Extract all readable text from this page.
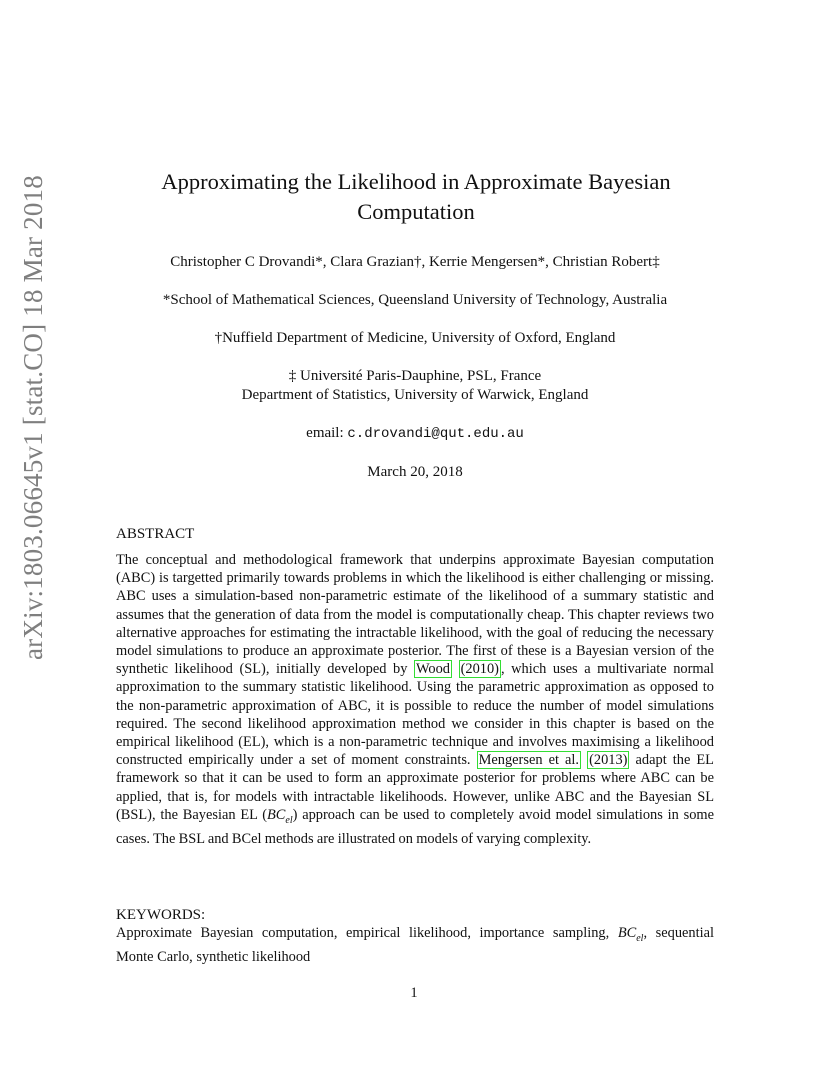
arXiv:1803.06645v1 [stat.CO] 18 Mar 2018	Approximating the Likelihood in Approximate Bayesian Computation
Christopher C Drovandi*, Clara Grazian†, Kerrie Mengersen*, Christian Robert‡
*School of Mathematical Sciences, Queensland University of Technology, Australia
†Nuffield Department of Medicine, University of Oxford, England
‡ Université Paris-Dauphine, PSL, France
Department of Statistics, University of Warwick, England
email: c.drovandi@qut.edu.au
March 20, 2018
ABSTRACT
The conceptual and methodological framework that underpins approximate Bayesian computation (ABC) is targetted primarily towards problems in which the likelihood is either challenging or missing. ABC uses a simulation-based non-parametric estimate of the likelihood of a summary statistic and assumes that the generation of data from the model is computationally cheap. This chapter reviews two alternative approaches for estimating the intractable likelihood, with the goal of reducing the necessary model simulations to produce an approximate posterior. The first of these is a Bayesian version of the synthetic likelihood (SL), initially developed by Wood (2010) , which uses a multivariate normal approximation to the summary statistic likelihood. Using the parametric approximation as opposed to the non-parametric approximation of ABC, it is possible to reduce the number of model simulations required. The second likelihood approximation method we consider in this chapter is based on the empirical likelihood (EL), which is a non-parametric technique and involves maximising a likelihood constructed empirically under a set of moment constraints. Mengersen et al. (2013) adapt the EL framework so that it can be used to form an approximate posterior for problems where ABC can be applied, that is, for models with intractable likelihoods. However, unlike ABC and the Bayesian SL (BSL), the Bayesian EL $(BC_{el})$ approach can be used to completely avoid model simulations in some cases. The BSL and BCel methods are illustrated on models of varying complexity.
KEYWORDS:
Approximate Bayesian computation, empirical likelihood, importance sampling, $BC_{el}$, sequential Monte Carlo, synthetic likelihood
1
